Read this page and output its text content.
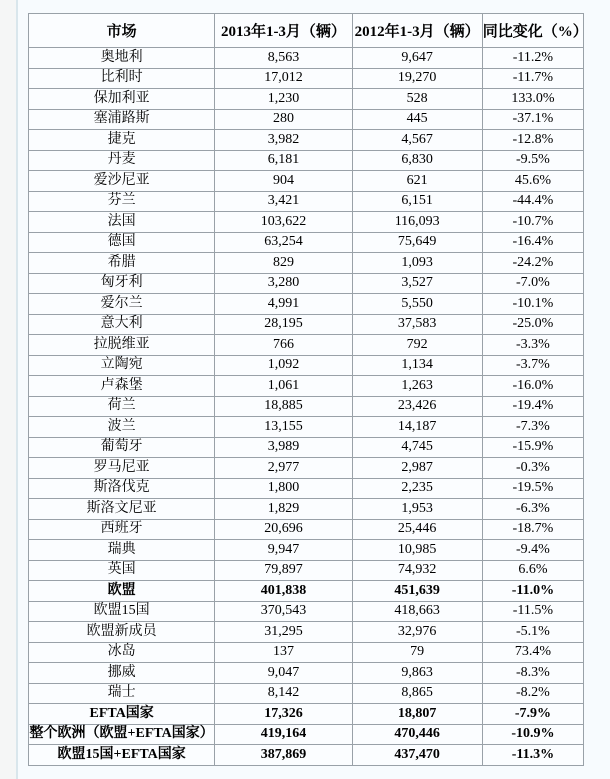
市场	2013年1-3月（辆）	2012年1-3月（辆）	同比变化（%）
奥地利	8,563	9,647	-11.2%
比利时	17,012	19,270	-11.7%
保加利亚	1,230	528	133.0%
塞浦路斯	280	445	-37.1%
捷克	3,982	4,567	-12.8%
丹麦	6,181	6,830	-9.5%
爱沙尼亚	904	621	45.6%
芬兰	3,421	6,151	-44.4%
法国	103,622	116,093	-10.7%
德国	63,254	75,649	-16.4%
希腊	829	1,093	-24.2%
匈牙利	3,280	3,527	-7.0%
爱尔兰	4,991	5,550	-10.1%
意大利	28,195	37,583	-25.0%
拉脱维亚	766	792	-3.3%
立陶宛	1,092	1,134	-3.7%
卢森堡	1,061	1,263	-16.0%
荷兰	18,885	23,426	-19.4%
波兰	13,155	14,187	-7.3%
葡萄牙	3,989	4,745	-15.9%
罗马尼亚	2,977	2,987	-0.3%
斯洛伐克	1,800	2,235	-19.5%
斯洛文尼亚	1,829	1,953	-6.3%
西班牙	20,696	25,446	-18.7%
瑞典	9,947	10,985	-9.4%
英国	79,897	74,932	6.6%
欧盟	401,838	451,639	-11.0%
欧盟15国	370,543	418,663	-11.5%
欧盟新成员	31,295	32,976	-5.1%
冰岛	137	79	73.4%
挪威	9,047	9,863	-8.3%
瑞士	8,142	8,865	-8.2%
EFTA国家	17,326	18,807	-7.9%
整个欧洲（欧盟+EFTA国家）	419,164	470,446	-10.9%
欧盟15国+EFTA国家	387,869	437,470	-11.3%
